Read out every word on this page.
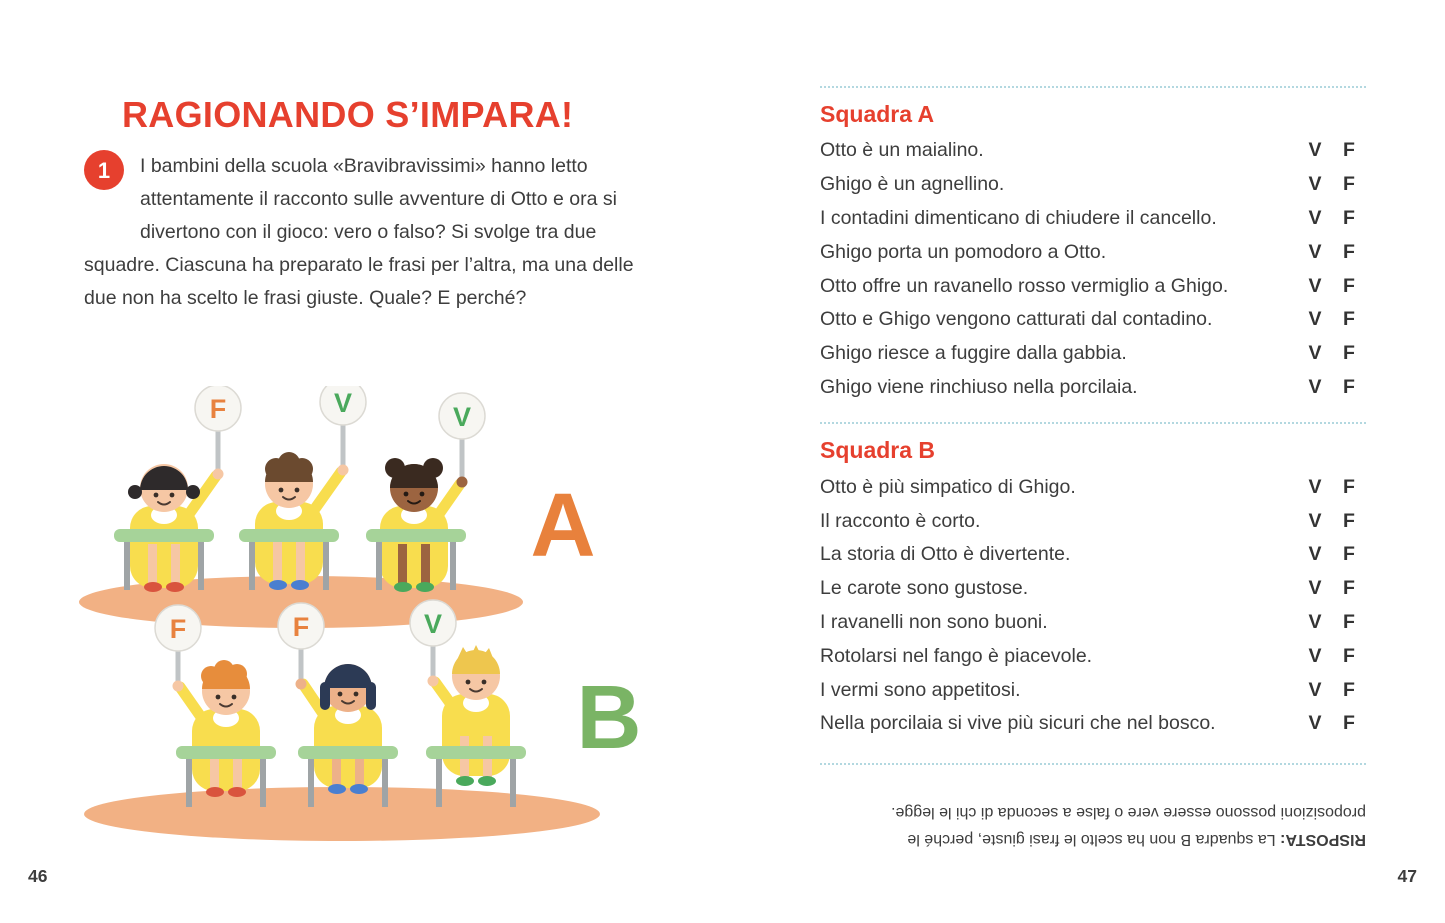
RAGIONANDO S’IMPARA!
1	I bambini della scuola «Bravibravissimi» hanno letto attentamente il racconto sulle avventure di Otto e ora si divertono con il gioco: vero o falso? Si svolge tra due squadre. Ciascuna ha preparato le frasi per l’altra, ma una delle due non ha scelto le frasi giuste. Quale? E perché?
F	V	V
F	F	V
A
B
46
Squadra A
Otto è un maialino.	V	F
Ghigo è un agnellino.	V	F
I contadini dimenticano di chiudere il cancello.	V	F
Ghigo porta un pomodoro a Otto.	V	F
Otto offre un ravanello rosso vermiglio a Ghigo.	V	F
Otto e Ghigo vengono catturati dal contadino.	V	F
Ghigo riesce a fuggire dalla gabbia.	V	F
Ghigo viene rinchiuso nella porcilaia.	V	F
Squadra B
Otto è più simpatico di Ghigo.	V	F
Il racconto è corto.	V	F
La storia di Otto è divertente.	V	F
Le carote sono gustose.	V	F
I ravanelli non sono buoni.	V	F
Rotolarsi nel fango è piacevole.	V	F
I vermi sono appetitosi.	V	F
Nella porcilaia si vive più sicuri che nel bosco.	V	F

RISPOSTA: La squadra B non ha scelto le frasi giuste, perché le proposizioni possono essere vere o false a seconda di chi le legge.

47
